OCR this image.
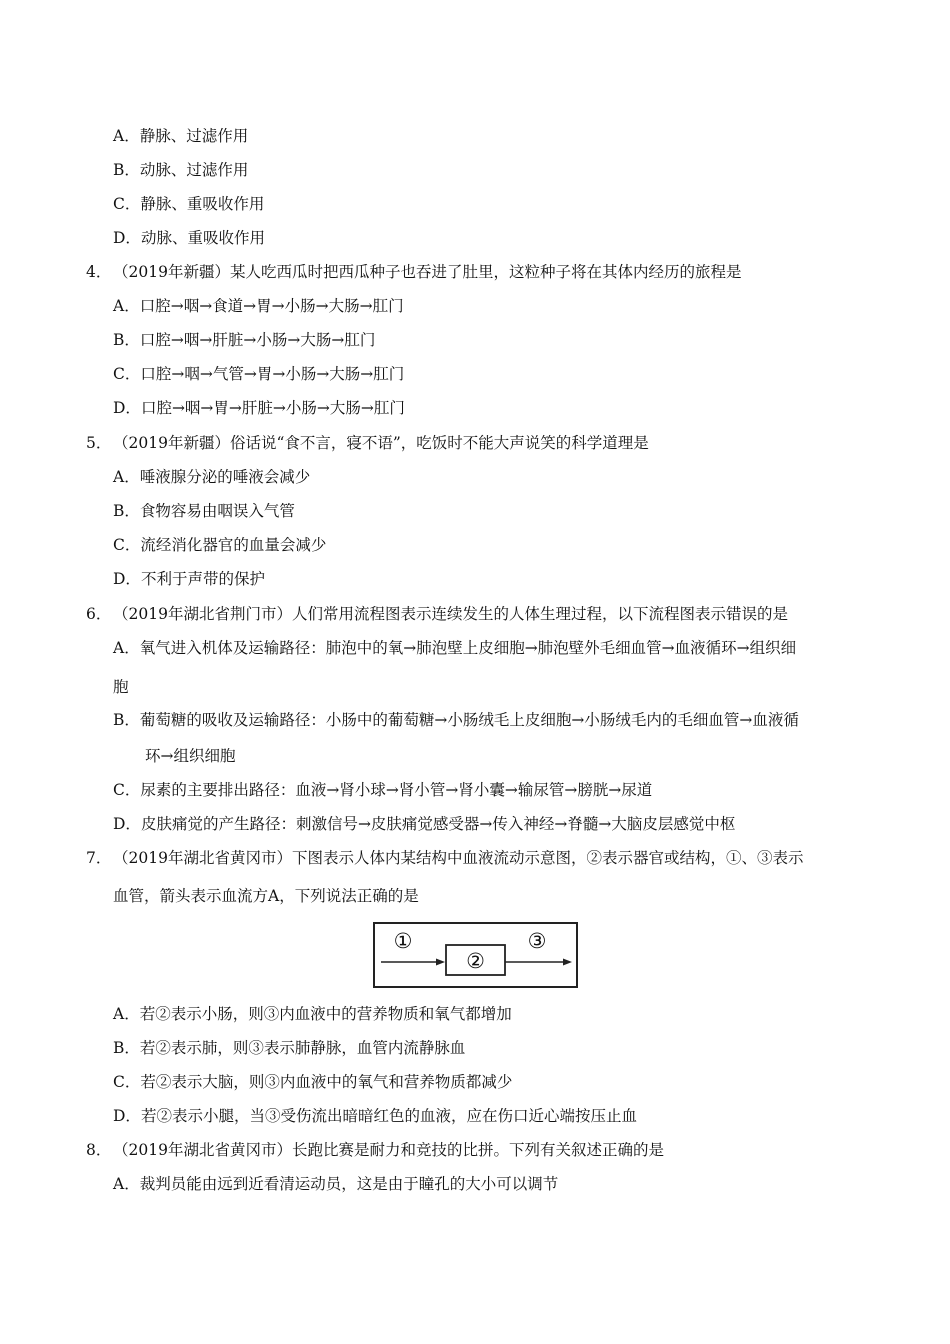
A．静脉、过滤作用
B．动脉、过滤作用
C．静脉、重吸收作用
D．动脉、重吸收作用
4． （2019年新疆）某人吃西瓜时把西瓜种子也吞进了肚里，这粒种子将在其体内经历的旅程是
A．口腔→咽→食道→胃→小肠→大肠→肛门
B．口腔→咽→肝脏→小肠→大肠→肛门
C．口腔→咽→气管→胃→小肠→大肠→肛门
D．口腔→咽→胃→肝脏→小肠→大肠→肛门
5． （2019年新疆）俗话说“食不言，寝不语”，吃饭时不能大声说笑的科学道理是
A．唾液腺分泌的唾液会减少
B．食物容易由咽误入气管
C．流经消化器官的血量会减少
D．不利于声带的保护
6． （2019年湖北省荆门市）人们常用流程图表示连续发生的人体生理过程，以下流程图表示错误的是
A．氧气进入机体及运输路径：肺泡中的氧→肺泡壁上皮细胞→肺泡壁外毛细血管→血液循环→组织细
胞
B．葡萄糖的吸收及运输路径：小肠中的葡萄糖→小肠绒毛上皮细胞→小肠绒毛内的毛细血管→血液循
环→组织细胞
C．尿素的主要排出路径：血液→肾小球→肾小管→肾小囊→输尿管→膀胱→尿道
D．皮肤痛觉的产生路径：刺激信号→皮肤痛觉感受器→传入神经→脊髓→大脑皮层感觉中枢
7． （2019年湖北省黄冈市）下图表示人体内某结构中血液流动示意图，②表示器官或结构，①、③表示
血管，箭头表示血流方A，下列说法正确的是
①
②
③
A．若②表示小肠，则③内血液中的营养物质和氧气都增加
B．若②表示肺，则③表示肺静脉，血管内流静脉血
C．若②表示大脑，则③内血液中的氧气和营养物质都减少
D．若②表示小腿，当③受伤流出暗暗红色的血液，应在伤口近心端按压止血
8． （2019年湖北省黄冈市）长跑比赛是耐力和竞技的比拼。下列有关叙述正确的是
A．裁判员能由远到近看清运动员，这是由于瞳孔的大小可以调节
